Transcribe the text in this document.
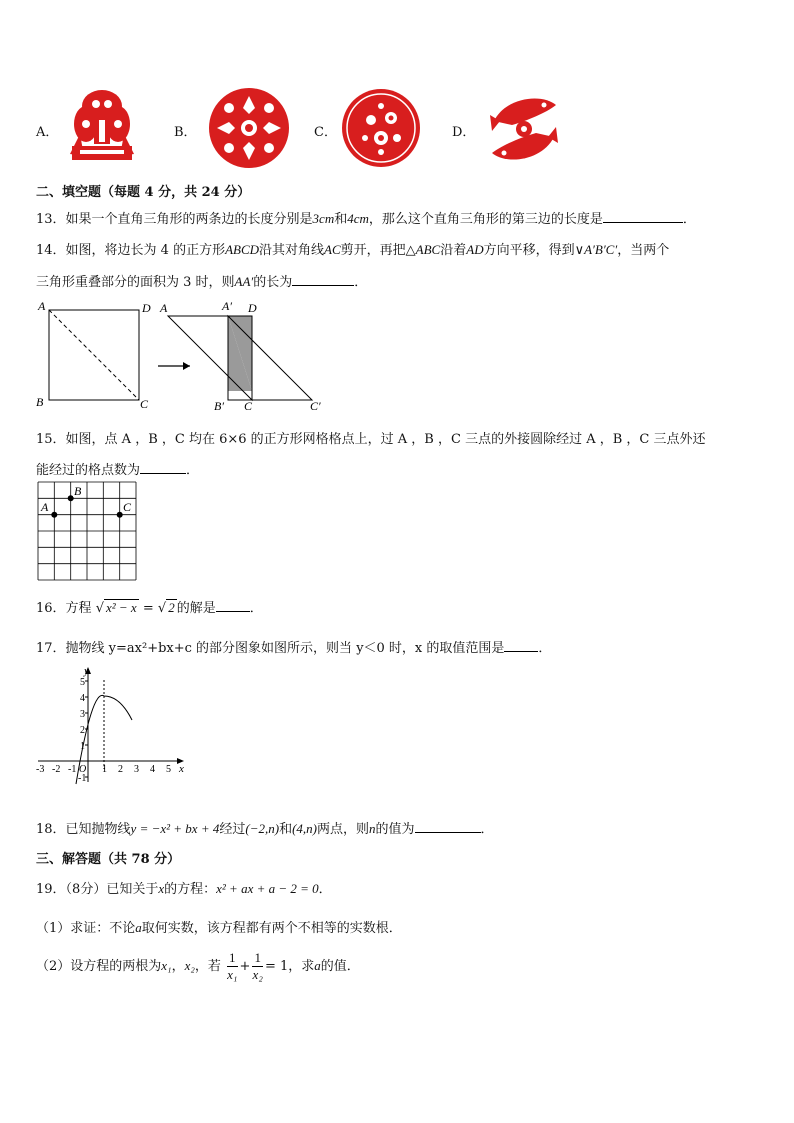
A．	B．	C．	D．
二、填空题（每题 4 分，共 24 分）
13．如果一个直角三角形的两条边的长度分别是3cm和4cm，那么这个直角三角形的第三边的长度是	．
14．如图，将边长为 4 的正方形ABCD沿其对角线AC剪开，再把△ABC沿着AD方向平移，得到∨A′B′C′，当两个
三角形重叠部分的面积为 3 时，则AA′的长为	．
A	D
B	C
A	A′ D
B′ C	C′
15．如图，点 A ，B ，C 均在 6×6 的正方形网格格点上，过 A ，B ，C 三点的外接圆除经过 A ，B ，C 三点外还
能经过的格点数为	．
A
B
C
16．方程 √ x² − x = √ 2 的解是	．
17．抛物线 y=ax²+bx+c 的部分图象如图所示，则当 y＜0 时，x 的取值范围是	．
y
x
O
5
4
3
2
1
-1
-3 -2 -1	1 2 3 4 5
18．已知抛物线y = −x² + bx + 4经过(−2,n)和(4,n)两点，则n的值为	．
三、解答题（共 78 分）
19．（8分）已知关于x的方程：x² + ax + a − 2 = 0．
（1）求证：不论a取何实数，该方程都有两个不相等的实数根．
（2）设方程的两根为x₁，x₂，若 $\frac{1}{\text{x₁}} + \frac{1}{\text{x₂}} = 1$，求a的值．
